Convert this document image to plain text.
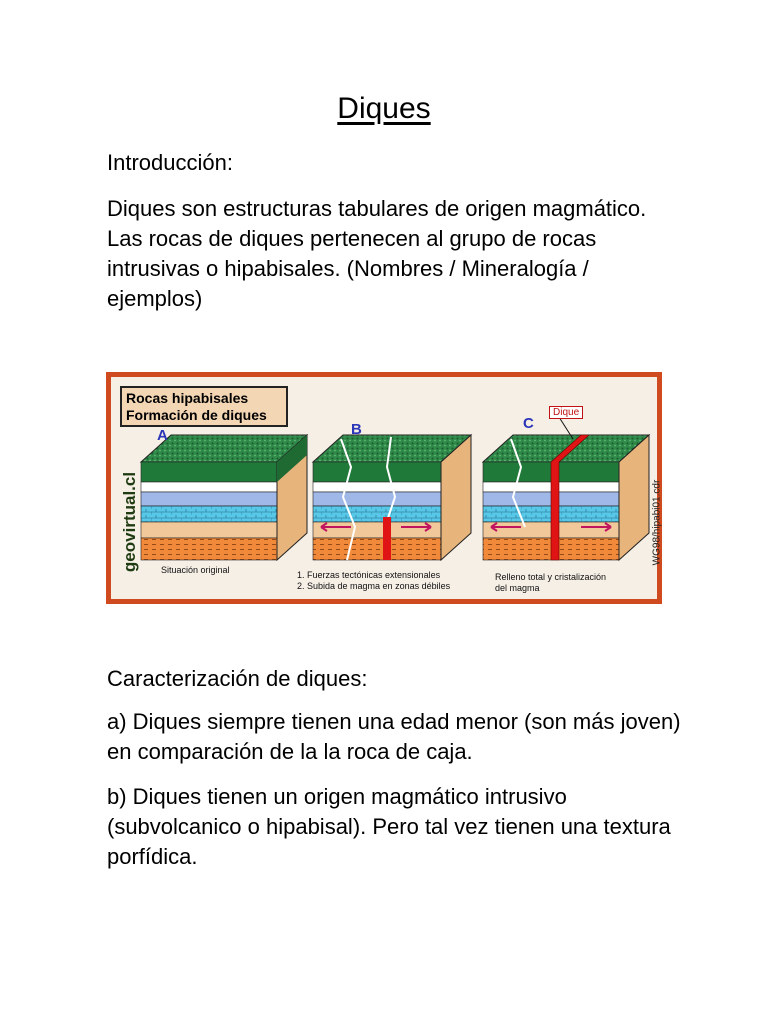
Diques

Introducción:

Diques son estructuras tabulares de origen magmático. Las rocas de diques pertenecen al grupo de rocas intrusivas o hipabisales. (Nombres / Mineralogía / ejemplos)

Rocas hipabisales
Formación de diques
geovirtual.cl	WG98/hipabi01.cdr
A	B	C
Dique
Situación original	1. Fuerzas tectónicas extensionales
2. Subida de magma en zonas débiles
Relleno total y cristalización
del magma

Caracterización de diques:

a) Diques siempre tienen una edad menor (son más joven) en comparación de la la roca de caja.

b) Diques tienen un origen magmático intrusivo (subvolcanico o hipabisal). Pero tal vez tienen una textura porfídica.
